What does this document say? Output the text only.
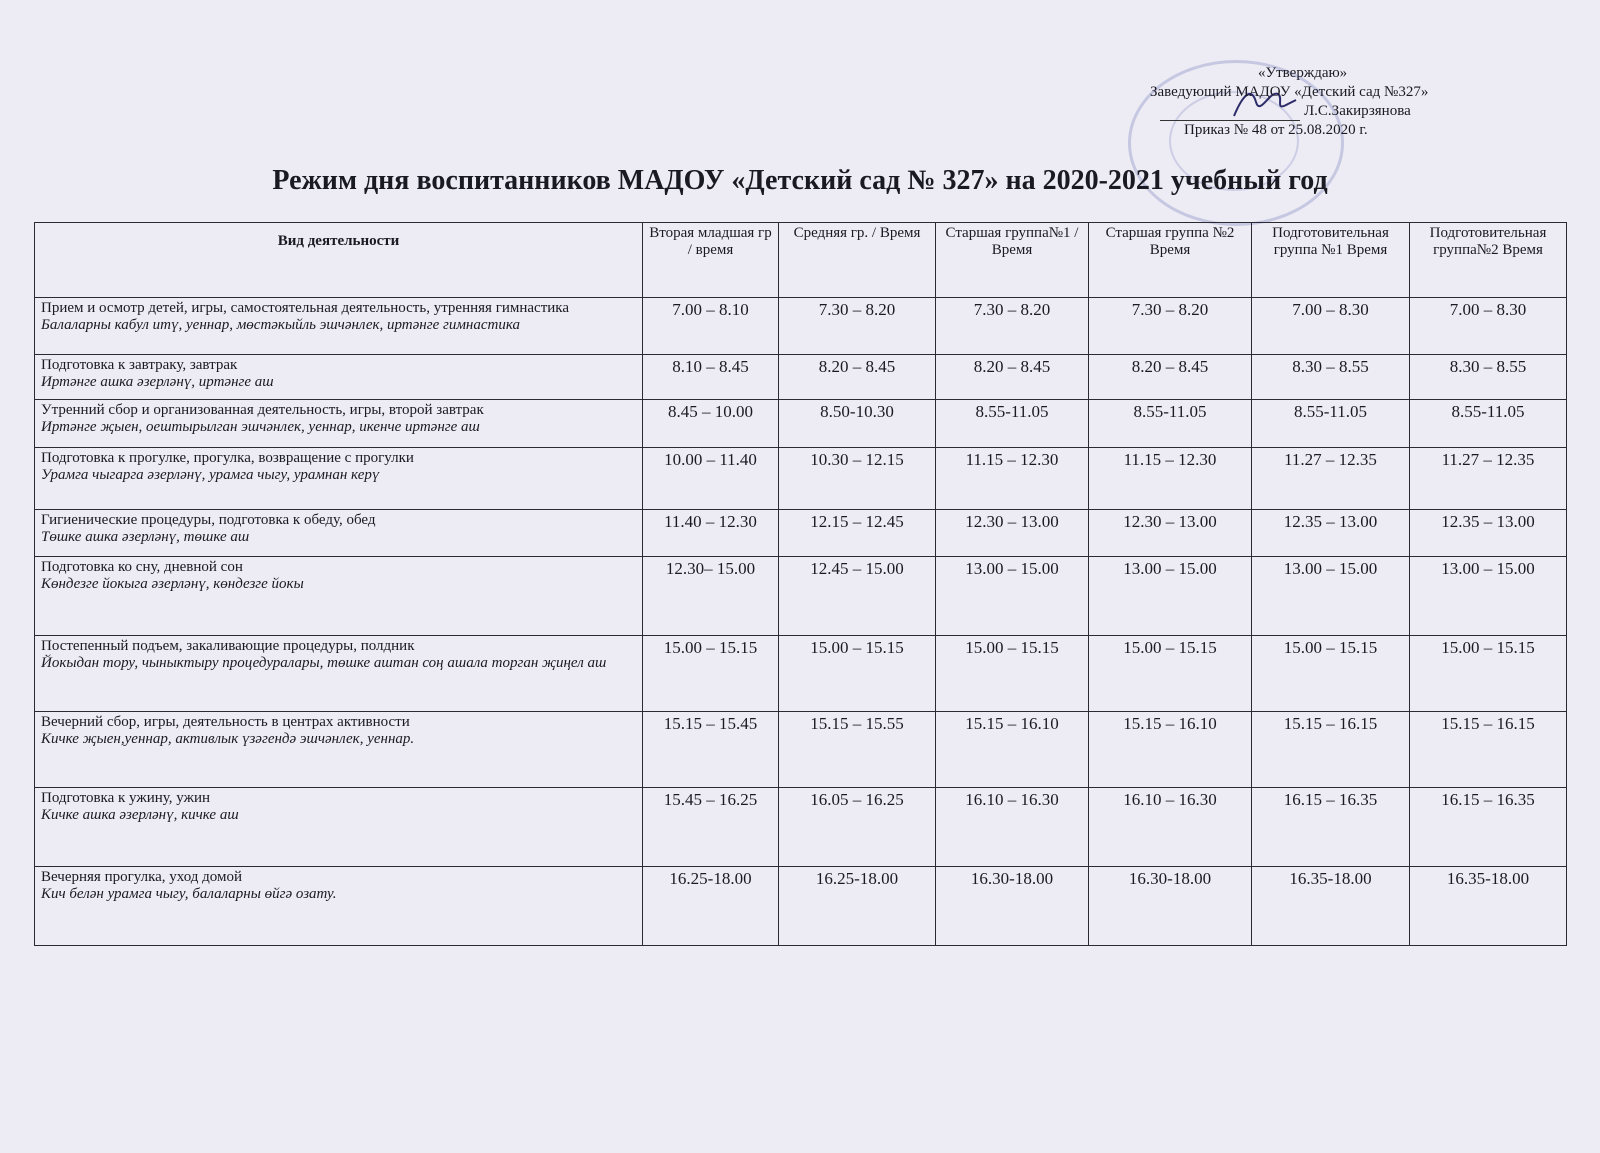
«Утверждаю»
Заведующий МАДОУ «Детский сад №327»
Л.С.Закирзянова
Приказ № 48 от 25.08.2020 г.
Режим дня воспитанников МАДОУ «Детский сад № 327» на 2020-2021 учебный год
Вид деятельности	Вторая младшая гр / время	Средняя гр. / Время	Старшая группа№1 / Время	Старшая группа №2 Время	Подготовительная группа №1 Время	Подготовительная группа№2 Время

Прием и осмотр детей, игры, самостоятельная деятельность, утренняя гимнастика
Балаларны кабул итү, уеннар, мөстәкыйль эшчәнлек, иртәнге гимнастика	7.00 – 8.10	7.30 – 8.20	7.30 – 8.20	7.30 – 8.20	7.00 – 8.30	7.00 – 8.30

Подготовка к завтраку, завтрак
Иртәнге ашка әзерләнү, иртәнге аш	8.10 – 8.45	8.20 – 8.45	8.20 – 8.45	8.20 – 8.45	8.30 – 8.55	8.30 – 8.55

Утренний сбор и организованная деятельность, игры, второй завтрак
Иртәнге җыен, оештырылган эшчәнлек, уеннар, икенче иртәнге аш	8.45 – 10.00	8.50-10.30	8.55-11.05	8.55-11.05	8.55-11.05	8.55-11.05

Подготовка к прогулке, прогулка, возвращение с прогулки
Урамга чыгарга әзерләнү, урамга чыгу, урамнан керү	10.00 – 11.40	10.30 – 12.15	11.15 – 12.30	11.15 – 12.30	11.27 – 12.35	11.27 – 12.35

Гигиенические процедуры, подготовка к обеду, обед
Төшке ашка әзерләнү, төшке аш	11.40 – 12.30	12.15 – 12.45	12.30 – 13.00	12.30 – 13.00	12.35 – 13.00	12.35 – 13.00

Подготовка ко сну, дневной сон
Көндезге йокыга әзерләнү, көндезге йокы	12.30– 15.00	12.45 – 15.00	13.00 – 15.00	13.00 – 15.00	13.00 – 15.00	13.00 – 15.00

Постепенный подъем, закаливающие процедуры, полдник
Йокыдан тору, чыныктыру процедуралары, төшке аштан соң ашала торган җиңел аш	15.00 – 15.15	15.00 – 15.15	15.00 – 15.15	15.00 – 15.15	15.00 – 15.15	15.00 – 15.15

Вечерний сбор, игры, деятельность в центрах активности
Кичке җыен,уеннар, активлык үзәгендә эшчәнлек, уеннар.	15.15 – 15.45	15.15 – 15.55	15.15 – 16.10	15.15 – 16.10	15.15 – 16.15	15.15 – 16.15

Подготовка к ужину, ужин
Кичке ашка әзерләнү, кичке аш	15.45 – 16.25	16.05 – 16.25	16.10 – 16.30	16.10 – 16.30	16.15 – 16.35	16.15 – 16.35

Вечерняя прогулка, уход домой
Кич белән урамга чыгу, балаларны өйгә озату.	16.25-18.00	16.25-18.00	16.30-18.00	16.30-18.00	16.35-18.00	16.35-18.00
